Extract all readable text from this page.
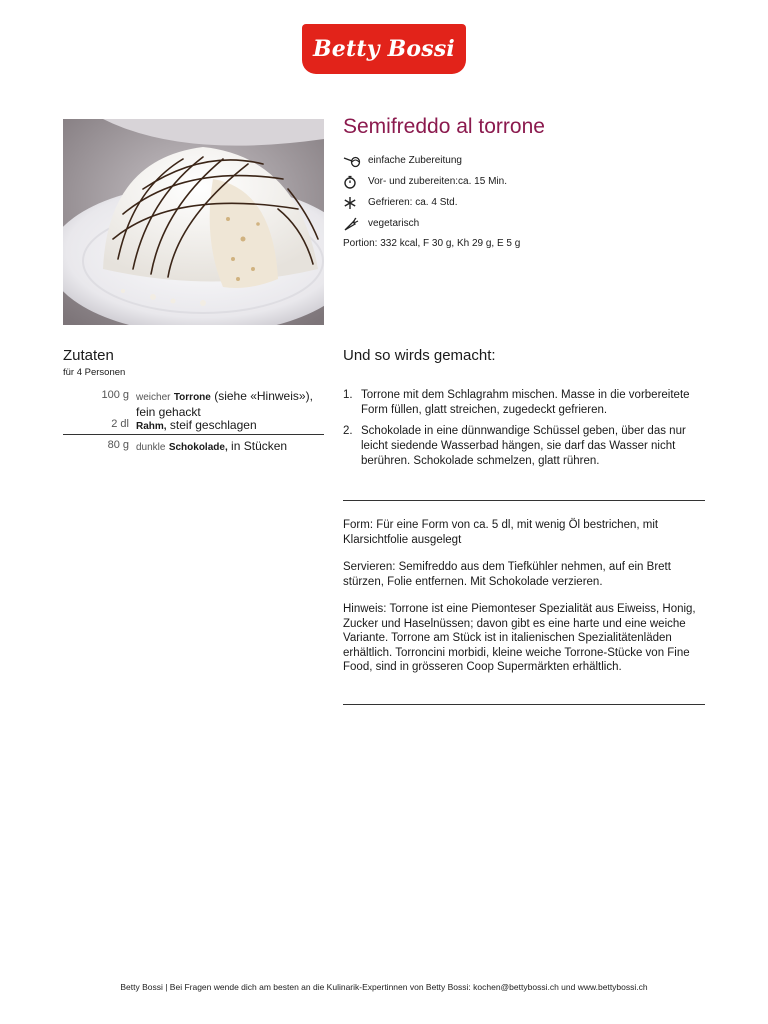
Betty Bossi
Semifreddo al torrone
einfache Zubereitung
Vor- und zubereiten:ca. 15 Min.
Gefrieren: ca. 4 Std.
vegetarisch
Portion: 332 kcal, F 30 g, Kh 29 g, E 5 g
Zutaten
für 4 Personen
100 g weicher Torrone (siehe «Hinweis»), fein gehackt
2 dl Rahm, steif geschlagen
80 g dunkle Schokolade, in Stücken
Und so wirds gemacht:
1. Torrone mit dem Schlagrahm mischen. Masse in die vorbereitete Form füllen, glatt streichen, zugedeckt gefrieren.
2. Schokolade in eine dünnwandige Schüssel geben, über das nur leicht siedende Wasserbad hängen, sie darf das Wasser nicht berühren. Schokolade schmelzen, glatt rühren.
Form: Für eine Form von ca. 5 dl, mit wenig Öl bestrichen, mit Klarsichtfolie ausgelegt
Servieren: Semifreddo aus dem Tiefkühler nehmen, auf ein Brett stürzen, Folie entfernen. Mit Schokolade verzieren.
Hinweis: Torrone ist eine Piemonteser Spezialität aus Eiweiss, Honig, Zucker und Haselnüssen; davon gibt es eine harte und eine weiche Variante. Torrone am Stück ist in italienischen Spezialitätenläden erhältlich. Torroncini morbidi, kleine weiche Torrone-Stücke von Fine Food, sind in grösseren Coop Supermärkten erhältlich.
Betty Bossi | Bei Fragen wende dich am besten an die Kulinarik-Expertinnen von Betty Bossi: kochen@bettybossi.ch und www.bettybossi.ch
